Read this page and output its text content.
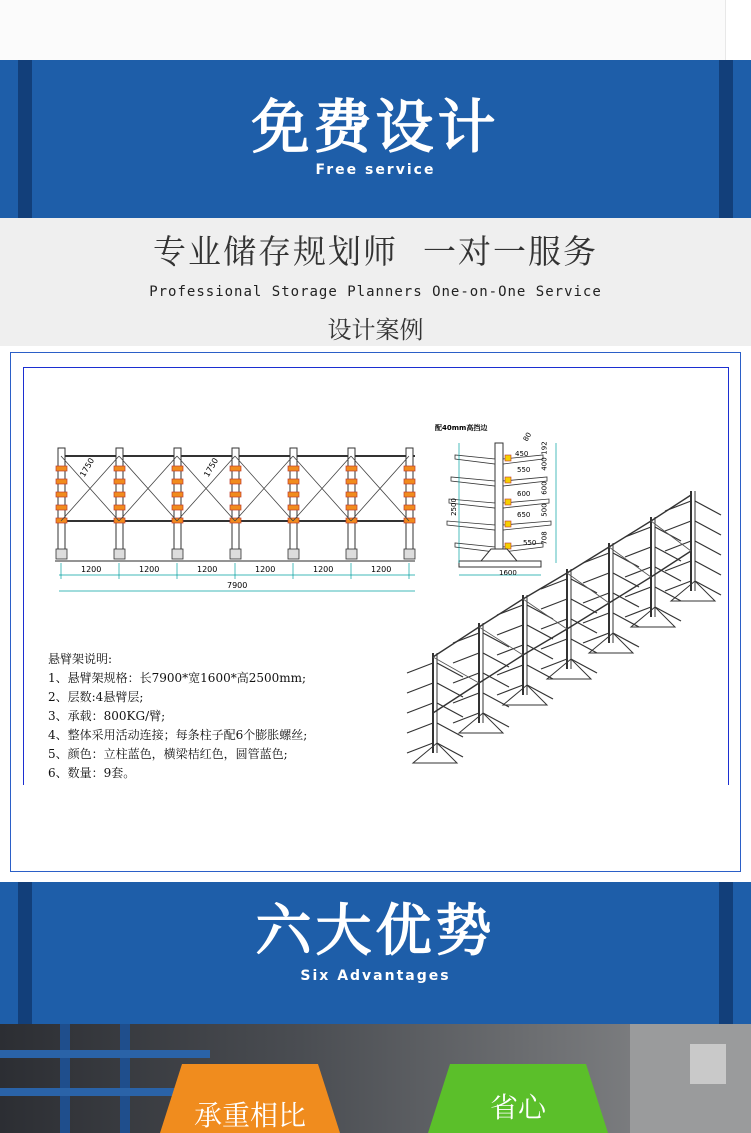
免费设计
Free service
专业储存规划师  一对一服务
Professional Storage Planners One-on-One Service
设计案例
1750	1750
1200	1200	1200	1200	1200	1200
7900
配40mm高挡边
450
550
600
650
550
2500
1600
80
400
192
600
500
708
悬臂架说明:
1、悬臂架规格：长7900*宽1600*高2500mm;
2、层数:4悬臂层;
3、承载：800KG/臂;
4、整体采用活动连接；每条柱子配6个膨胀螺丝;
5、颜色：立柱蓝色，横梁桔红色，圆管蓝色;
6、数量：9套。
六大优势
Six Advantages
承重相比	省心
